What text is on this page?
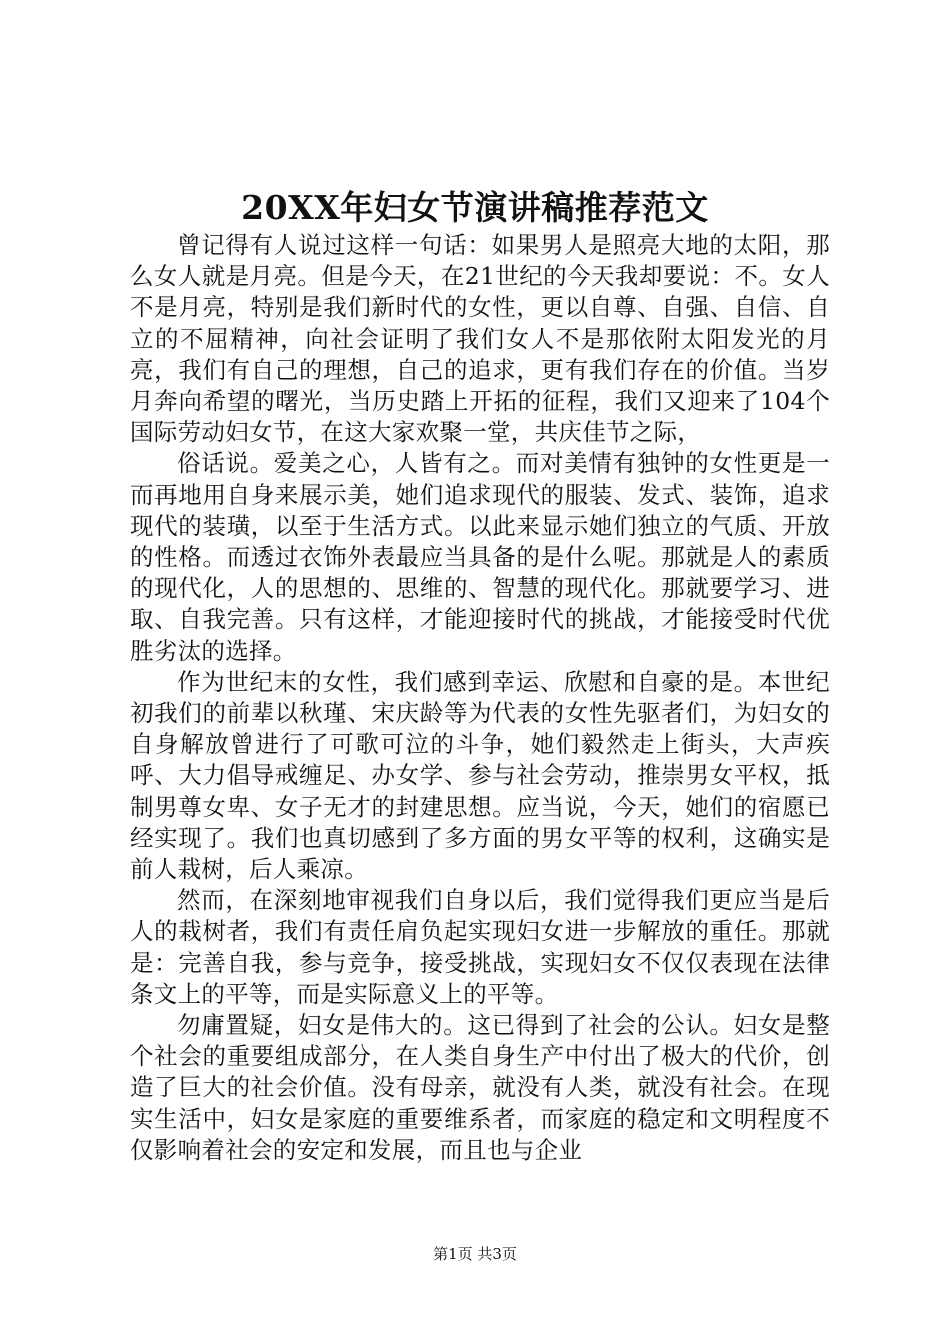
20XX年妇女节演讲稿推荐范文

曾记得有人说过这样一句话：如果男人是照亮大地的太阳，那么女人就是月亮。但是今天，在21世纪的今天我却要说：不。女人不是月亮，特别是我们新时代的女性，更以自尊、自强、自信、自立的不屈精神，向社会证明了我们女人不是那依附太阳发光的月亮，我们有自己的理想，自己的追求，更有我们存在的价值。当岁月奔向希望的曙光，当历史踏上开拓的征程，我们又迎来了104个国际劳动妇女节，在这大家欢聚一堂，共庆佳节之际，

俗话说。爱美之心，人皆有之。而对美情有独钟的女性更是一而再地用自身来展示美，她们追求现代的服装、发式、装饰，追求现代的装璜，以至于生活方式。以此来显示她们独立的气质、开放的性格。而透过衣饰外表最应当具备的是什么呢。那就是人的素质的现代化，人的思想的、思维的、智慧的现代化。那就要学习、进取、自我完善。只有这样，才能迎接时代的挑战，才能接受时代优胜劣汰的选择。

作为世纪末的女性，我们感到幸运、欣慰和自豪的是。本世纪初我们的前辈以秋瑾、宋庆龄等为代表的女性先驱者们，为妇女的自身解放曾进行了可歌可泣的斗争，她们毅然走上街头，大声疾呼、大力倡导戒缠足、办女学、参与社会劳动，推崇男女平权，抵制男尊女卑、女子无才的封建思想。应当说，今天，她们的宿愿已经实现了。我们也真切感到了多方面的男女平等的权利，这确实是前人栽树，后人乘凉。

然而，在深刻地审视我们自身以后，我们觉得我们更应当是后人的栽树者，我们有责任肩负起实现妇女进一步解放的重任。那就是：完善自我，参与竞争，接受挑战，实现妇女不仅仅表现在法律条文上的平等，而是实际意义上的平等。

勿庸置疑，妇女是伟大的。这已得到了社会的公认。妇女是整个社会的重要组成部分，在人类自身生产中付出了极大的代价，创造了巨大的社会价值。没有母亲，就没有人类，就没有社会。在现实生活中，妇女是家庭的重要维系者，而家庭的稳定和文明程度不仅影响着社会的安定和发展，而且也与企业

第1页 共3页
